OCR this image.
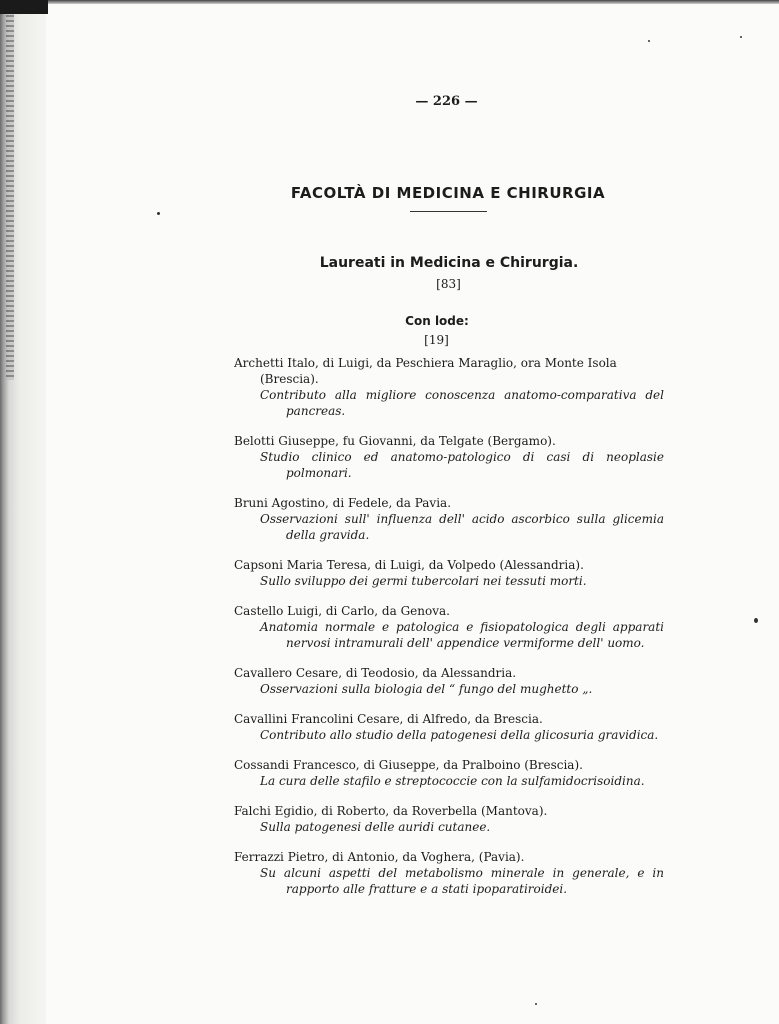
— 226 —
FACOLTÀ DI MEDICINA E CHIRURGIA
Laureati in Medicina e Chirurgia.
[83]
Con lode:
[19]
Archetti Italo, di Luigi, da Peschiera Maraglio, ora Monte Isola (Brescia).
Contributo alla migliore conoscenza anatomo-comparativa del pancreas.
Belotti Giuseppe, fu Giovanni, da Telgate (Bergamo).
Studio clinico ed anatomo-patologico di casi di neoplasie polmonari.
Bruni Agostino, di Fedele, da Pavia.
Osservazioni sull' influenza dell' acido ascorbico sulla glicemia della gravida.
Capsoni Maria Teresa, di Luigi, da Volpedo (Alessandria).
Sullo sviluppo dei germi tubercolari nei tessuti morti.
Castello Luigi, di Carlo, da Genova.
Anatomia normale e patologica e fisiopatologica degli apparati nervosi intramurali dell' appendice vermiforme dell' uomo.
Cavallero Cesare, di Teodosio, da Alessandria.
Osservazioni sulla biologia del “ fungo del mughetto „.
Cavallini Francolini Cesare, di Alfredo, da Brescia.
Contributo allo studio della patogenesi della glicosuria gravidica.
Cossandi Francesco, di Giuseppe, da Pralboino (Brescia).
La cura delle stafilo e streptococcie con la sulfamidocrisoidina.
Falchi Egidio, di Roberto, da Roverbella (Mantova).
Sulla patogenesi delle auridi cutanee.
Ferrazzi Pietro, di Antonio, da Voghera, (Pavia).
Su alcuni aspetti del metabolismo minerale in generale, e in rapporto alle fratture e a stati ipoparatiroidei.
